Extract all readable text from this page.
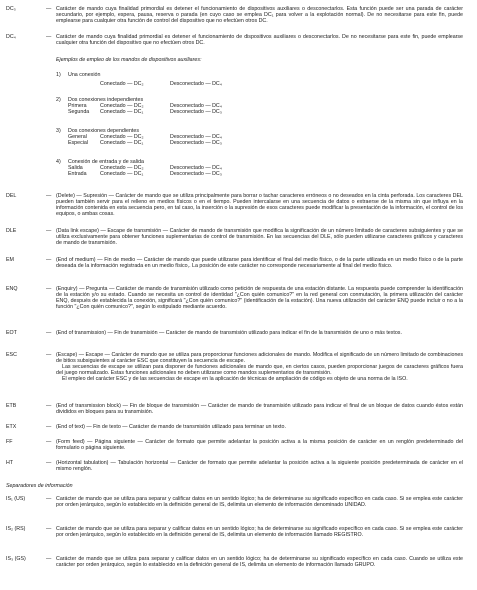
DC₃	— Carácter de mando cuya finalidad primordial es detener el funcionamiento de dispositivos auxiliares o desconectarlos. Esta función puede ser una parada de carácter secundario, por ejemplo, espera, pausa, reserva o parada (en cuyo caso se emplea DC₁ para volver a la explotación normal). De no necesitarse para este fin, puede emplearse para cualquier otra función de control del dispositivo que no efectúen otros DC.
DC₄	— Carácter de mando cuya finalidad primordial es detener el funcionamiento de dispositivos auxiliares o desconectarlos. De no necesitarse para este fin, puede emplearse cualquier otra función del dispositivo que no efectúen otros DC.
Ejemplos de empleo de los mandos de dispositivos auxiliares:
1)	Una conexión
Conectado — DC₂	Desconectado — DC₄
2)	Dos conexiones independientes
Primera	Conectado — DC₂	Desconectado — DC₄
Segunda	Conectado — DC₁	Desconectado — DC₃
3)	Dos conexiones dependientes
General	Conectado — DC₂	Desconectado — DC₄
Especial	Conectado — DC₁	Desconectado — DC₃
4)	Conexión de entrada y de salida
Salida	Conectado — DC₂	Desconectado — DC₄
Entrada	Conectado — DC₁	Desconectado — DC₃
DEL	— (Delete) — Supresión — Carácter de mando que se utiliza principalmente para borrar o tachar caracteres erróneos o no deseados en la cinta perforada. Los caracteres DEL pueden también servir para el relleno en medios físicos o en el tiempo. Pueden intercalarse en una secuencia de datos o extraerse de la misma sin que influya en la información contenida en esta secuencia pero, en tal caso, la inserción o la supresión de esos caracteres puede modificar la presentación de la información, el control de los equipos, o ambas cosas.

DLE	— (Data link escape) — Escape de transmisión — Carácter de mando de transmisión que modifica la significación de un número limitado de caracteres subsiguientes y que se utiliza exclusivamente para obtener funciones suplementarias de control de transmisión. En las secuencias del DLE, sólo pueden utilizarse caracteres gráficos y caracteres de mando de transmisión.

EM	— (End of medium) — Fin de medio — Carácter de mando que puede utilizarse para identificar el final del medio físico, o de la parte utilizada en un medio físico o de la parte deseada de la información registrada en un medio físico,. La posición de este carácter no corresponde necesariamente al final del medio físico.

ENQ	— (Enquiry) — Pregunta — Carácter de mando de transmisión utilizado como petición de respuesta de una estación distante. La respuesta puede comprender la identificación de la estación y/o su estado. Cuando se necesita un control de identidad "¿Con quién comunico?" en la red general con conmutación, la primera utilización del carácter ENQ, después de establecida la conexión, significará "¿Con quién comunico?" (identificación de la estación). Una nueva utilización del carácter ENQ puede incluir o no a la función "¿Con quién comunico?", según lo estipulado mediante acuerdo.

EOT	— (End of transmission) — Fin de transmisión — Carácter de mando de transmisión utilizado para indicar el fin de la transmisión de uno o más textos.

ESC	— (Escape) — Escape — Carácter de mando que se utiliza para proporcionar funciones adicionales de mando. Modifica el significado de un número limitado de combinaciones de bitios subsiguientes al carácter ESC que constituyen la secuencia de escape.

Las secuencias de escape se utilizan para disponer de funciones adicionales de mando que, en ciertos casos, pueden proporcionar juegos de caracteres gráficos fuera del juego normalizado. Estas funciones adicionales no deben utilizarse como mandos suplementarios de transmisión.

El empleo del carácter ESC y de las secuencias de escape en la aplicación de técnicas de ampliación de código es objeto de una norma de la ISO.

ETB	— (End of transmission block) — Fin de bloque de transmisión — Carácter de mando de transmisión utilizado para indicar el final de un bloque de datos cuando éstos están divididos en bloques para su transmisión.

ETX	— (End of text) — Fin de texto — Carácter de mando de transmisión utilizado para terminar un texto.

FF	— (Form feed) — Página siguiente — Carácter de formato que permite adelantar la posición activa a la misma posición de carácter en un renglón predeterminado del formulario o página siguiente.

HT	— (Horizontal tabulation) — Tabulación horizontal — Carácter de formato que permite adelantar la posición activa a la siguiente posición predeterminada de carácter en el mismo renglón.

Separadores de información
IS₁ (US)	— Carácter de mando que se utiliza para separar y calificar datos en un sentido lógico; ha de determinarse su significado específico en cada caso. Si se emplea este carácter por orden jerárquico, según lo establecido en la definición general de IS, delimita un elemento de información denominado UNIDAD.
IS₂ (RS)	— Carácter de mando que se utiliza para separar y calificar datos en un sentido lógico; ha de determinarse su significado específico en cada caso. Si se emplea este carácter por orden jerárquico, según lo establecido en la definición general de IS, delimita un elemento de información llamado REGISTRO.
IS₃ (GS)	— Carácter de mando que se utiliza para separar y calificar datos en un sentido lógico; ha de determinarse su significado específico en cada caso. Cuando se utiliza este carácter por orden jerárquico, según lo establecido en la definición general de IS, delimita un elemento de información llamado GRUPO.
